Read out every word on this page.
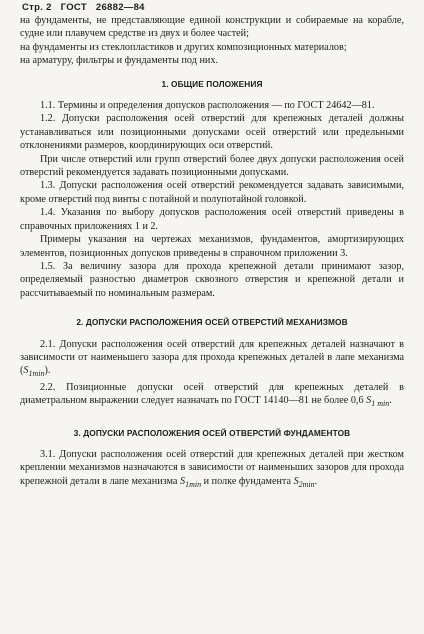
Стр. 2 ГОСТ 26882—84

на фундаменты, не представляющие единой конструкции и собираемые на корабле, судне или плавучем средстве из двух и более частей;

на фундаменты из стеклопластиков и других композиционных материалов;

на арматуру, фильтры и фундаменты под них.

1. ОБЩИЕ ПОЛОЖЕНИЯ

1.1. Термины и определения допусков расположения — по ГОСТ 24642—81.

1.2. Допуски расположения осей отверстий для крепежных деталей должны устанавливаться или позиционными допусками осей отверстий или предельными отклонениями размеров, координирующих оси отверстий.

При числе отверстий или групп отверстий более двух допуски расположения осей отверстий рекомендуется задавать позиционными допусками.

1.3. Допуски расположения осей отверстий рекомендуется задавать зависимыми, кроме отверстий под винты с потайной и полупотайной головкой.

1.4. Указания по выбору допусков расположения осей отверстий приведены в справочных приложениях 1 и 2.

Примеры указания на чертежах механизмов, фундаментов, амортизирующих элементов, позиционных допусков приведены в справочном приложении 3.

1.5. За величину зазора для прохода крепежной детали принимают зазор, определяемый разностью диаметров сквозного отверстия и крепежной детали и рассчитываемый по номинальным размерам.

2. ДОПУСКИ РАСПОЛОЖЕНИЯ ОСЕЙ ОТВЕРСТИЙ МЕХАНИЗМОВ

2.1. Допуски расположения осей отверстий для крепежных деталей назначают в зависимости от наименьшего зазора для прохода крепежных деталей в лапе механизма $(S_{1min})$.

2.2. Позиционные допуски осей отверстий для крепежных деталей в диаметральном выражении следует назначать по ГОСТ 14140—81 не более 0,6 $S_{1 min}$.

3. ДОПУСКИ РАСПОЛОЖЕНИЯ ОСЕЙ ОТВЕРСТИЙ ФУНДАМЕНТОВ

3.1. Допуски расположения осей отверстий для крепежных деталей при жестком креплении механизмов назначаются в зависимости от наименьших зазоров для прохода крепежной детали в лапе механизма $S_{1min}$ и полке фундамента $S_{2min}$.
